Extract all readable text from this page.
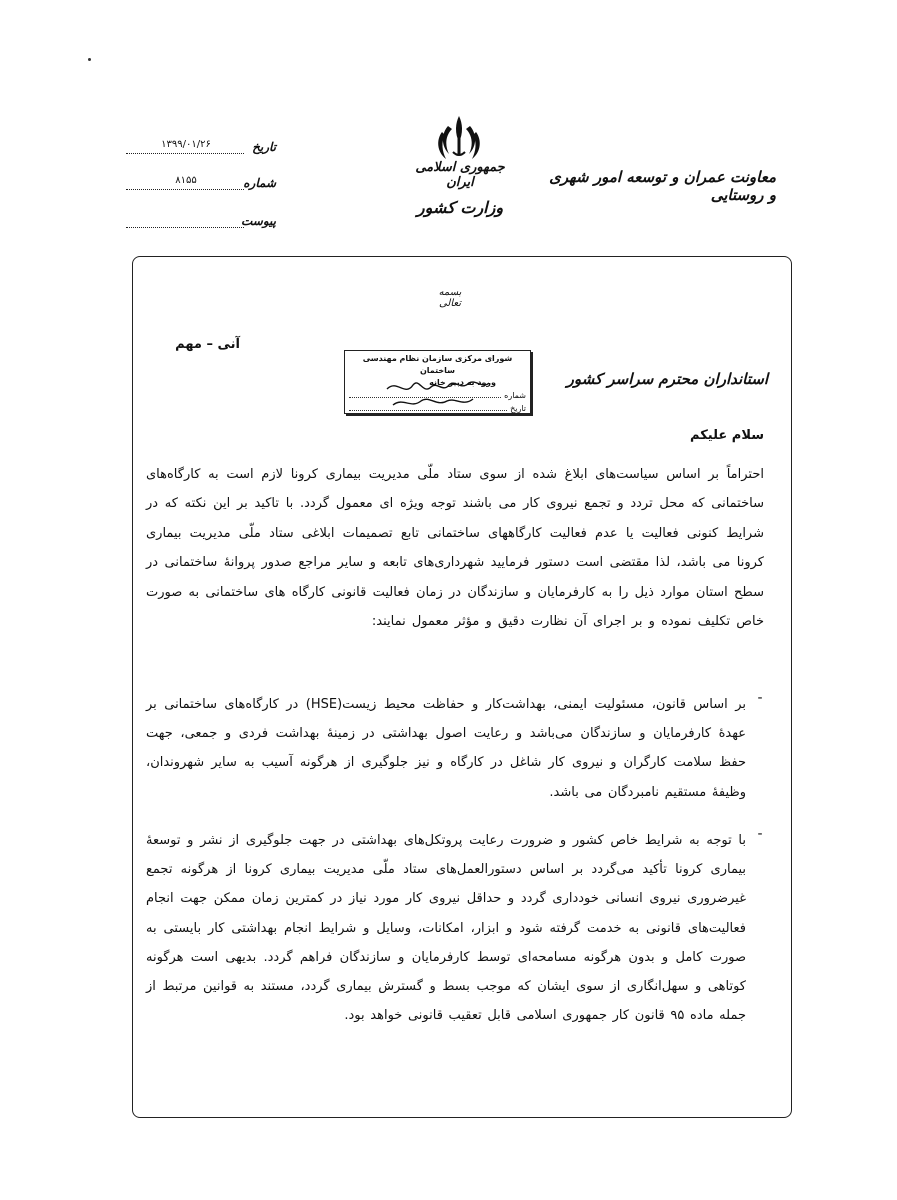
جمهوری اسلامی ایران
وزارت کشور
معاونت عمران و توسعه امور شهری و روستایی
تاریخ
۱۳۹۹/۰۱/۲۶
شماره
۸۱۵۵
پیوست
بسمه تعالی
آنی – مهم
استانداران محترم سراسر کشور
شورای مرکزی سازمان نظام مهندسی ساختمان
ورود به دبیر خانه
شماره
تاریخ
سلام علیکم
احتراماً بر اساس سیاست‌های ابلاغ شده از سوی ستاد ملّی مدیریت بیماری کرونا لازم است به کارگاه‌های ساختمانی که محل تردد و تجمع نیروی کار می باشند توجه ویژه ای معمول گردد. با تاکید بر این نکته که در شرایط کنونی فعالیت یا عدم فعالیت کارگاههای ساختمانی تابع تصمیمات ابلاغی ستاد ملّی مدیریت بیماری کرونا می باشد، لذا مقتضی است دستور فرمایید شهرداری‌های تابعه و سایر مراجع صدور پروانهٔ ساختمانی در سطح استان موارد ذیل را به کارفرمایان و سازندگان در زمان فعالیت قانونی کارگاه های ساختمانی به صورت خاص تکلیف نموده و بر اجرای آن نظارت دقیق و مؤثر معمول نمایند:
-
بر اساس قانون، مسئولیت ایمنی، بهداشت‌کار و حفاظت محیط زیست(HSE) در کارگاه‌های ساختمانی بر عهدهٔ کارفرمایان و سازندگان می‌باشد و رعایت اصول بهداشتی در زمینهٔ بهداشت فردی و جمعی، جهت حفظ سلامت کارگران و نیروی کار شاغل در کارگاه و نیز جلوگیری از هرگونه آسیب به سایر شهروندان، وظیفهٔ مستقیم نامبردگان می باشد.
-
با توجه به شرایط خاص کشور و ضرورت رعایت پروتکل‌های بهداشتی در جهت جلوگیری از نشر و توسعهٔ بیماری کرونا تأکید می‌گردد بر اساس دستورالعمل‌های ستاد ملّی مدیریت بیماری کرونا از هرگونه تجمع غیرضروری نیروی انسانی خودداری گردد و حداقل نیروی کار مورد نیاز در کمترین زمان ممکن جهت انجام فعالیت‌های قانونی به خدمت گرفته شود و ابزار، امکانات، وسایل و شرایط انجام بهداشتی کار بایستی به صورت کامل و بدون هرگونه مسامحه‌ای توسط کارفرمایان و سازندگان فراهم گردد. بدیهی است هرگونه کوتاهی و سهل‌انگاری از سوی ایشان که موجب بسط و گسترش بیماری گردد، مستند به قوانین مرتبط از جمله ماده ۹۵ قانون کار جمهوری اسلامی قابل تعقیب قانونی خواهد بود.
